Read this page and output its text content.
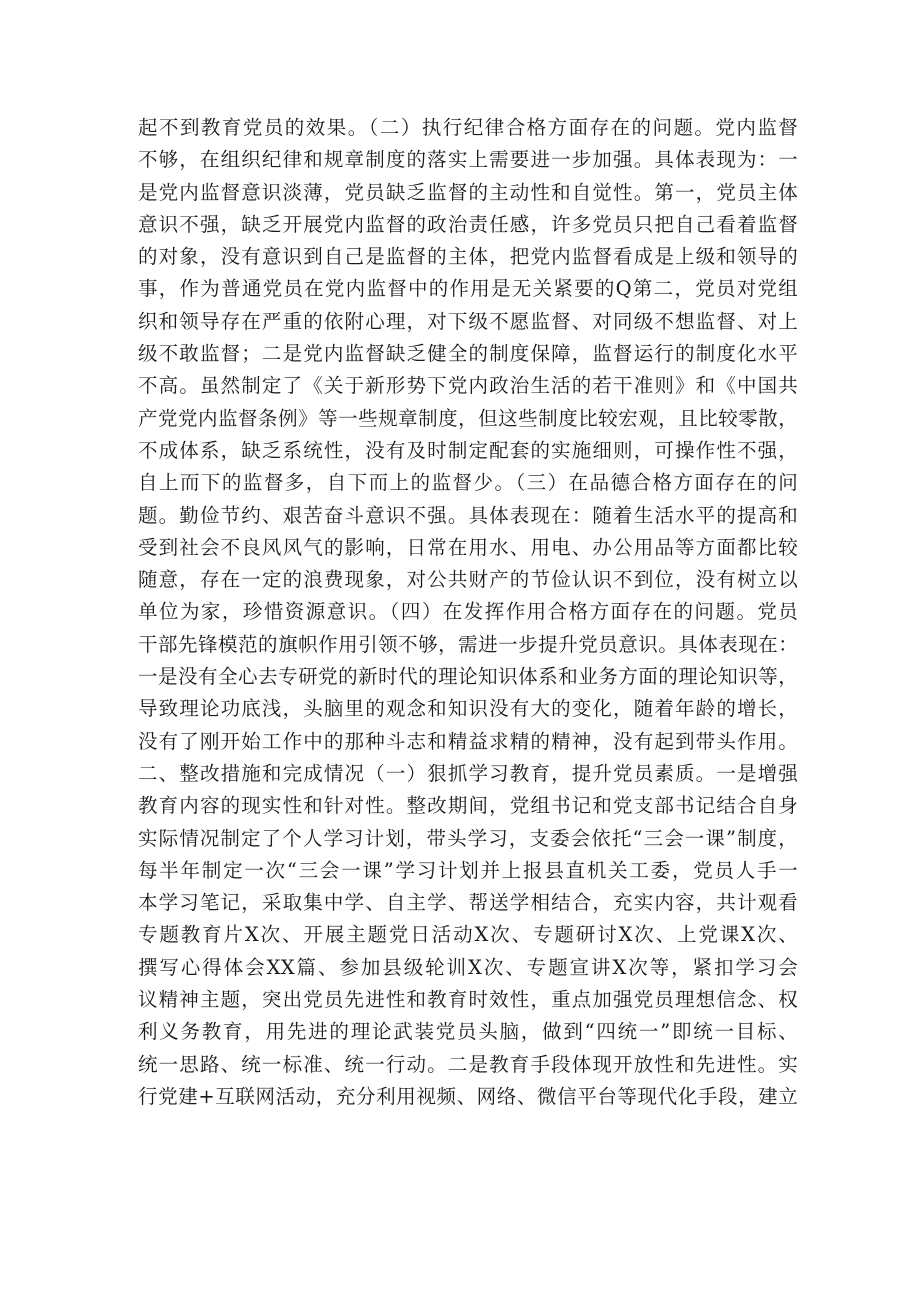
起不到教育党员的效果。（二）执行纪律合格方面存在的问题。党内监督
不够，在组织纪律和规章制度的落实上需要进一步加强。具体表现为：一
是党内监督意识淡薄，党员缺乏监督的主动性和自觉性。第一，党员主体
意识不强，缺乏开展党内监督的政治责任感，许多党员只把自己看着监督
的对象，没有意识到自己是监督的主体，把党内监督看成是上级和领导的
事，作为普通党员在党内监督中的作用是无关紧要的Q第二，党员对党组
织和领导存在严重的依附心理，对下级不愿监督、对同级不想监督、对上
级不敢监督；二是党内监督缺乏健全的制度保障，监督运行的制度化水平
不高。虽然制定了《关于新形势下党内政治生活的若干准则》和《中国共
产党党内监督条例》等一些规章制度，但这些制度比较宏观，且比较零散，
不成体系，缺乏系统性，没有及时制定配套的实施细则，可操作性不强，
自上而下的监督多，自下而上的监督少。（三）在品德合格方面存在的问
题。勤俭节约、艰苦奋斗意识不强。具体表现在：随着生活水平的提高和
受到社会不良风风气的影响，日常在用水、用电、办公用品等方面都比较
随意，存在一定的浪费现象，对公共财产的节俭认识不到位，没有树立以
单位为家，珍惜资源意识。（四）在发挥作用合格方面存在的问题。党员
干部先锋模范的旗帜作用引领不够，需进一步提升党员意识。具体表现在：
一是没有全心去专研党的新时代的理论知识体系和业务方面的理论知识等，
导致理论功底浅，头脑里的观念和知识没有大的变化，随着年龄的增长，
没有了刚开始工作中的那种斗志和精益求精的精神，没有起到带头作用。
二、整改措施和完成情况（一）狠抓学习教育，提升党员素质。一是增强
教育内容的现实性和针对性。整改期间，党组书记和党支部书记结合自身
实际情况制定了个人学习计划，带头学习，支委会依托“三会一课”制度，
每半年制定一次“三会一课”学习计划并上报县直机关工委，党员人手一
本学习笔记，采取集中学、自主学、帮送学相结合，充实内容，共计观看
专题教育片X次、开展主题党日活动X次、专题研讨X次、上党课X次、
撰写心得体会XX篇、参加县级轮训X次、专题宣讲X次等，紧扣学习会
议精神主题，突出党员先进性和教育时效性，重点加强党员理想信念、权
利义务教育，用先进的理论武装党员头脑，做到“四统一”即统一目标、
统一思路、统一标准、统一行动。二是教育手段体现开放性和先进性。实
行党建+互联网活动，充分利用视频、网络、微信平台等现代化手段，建立
